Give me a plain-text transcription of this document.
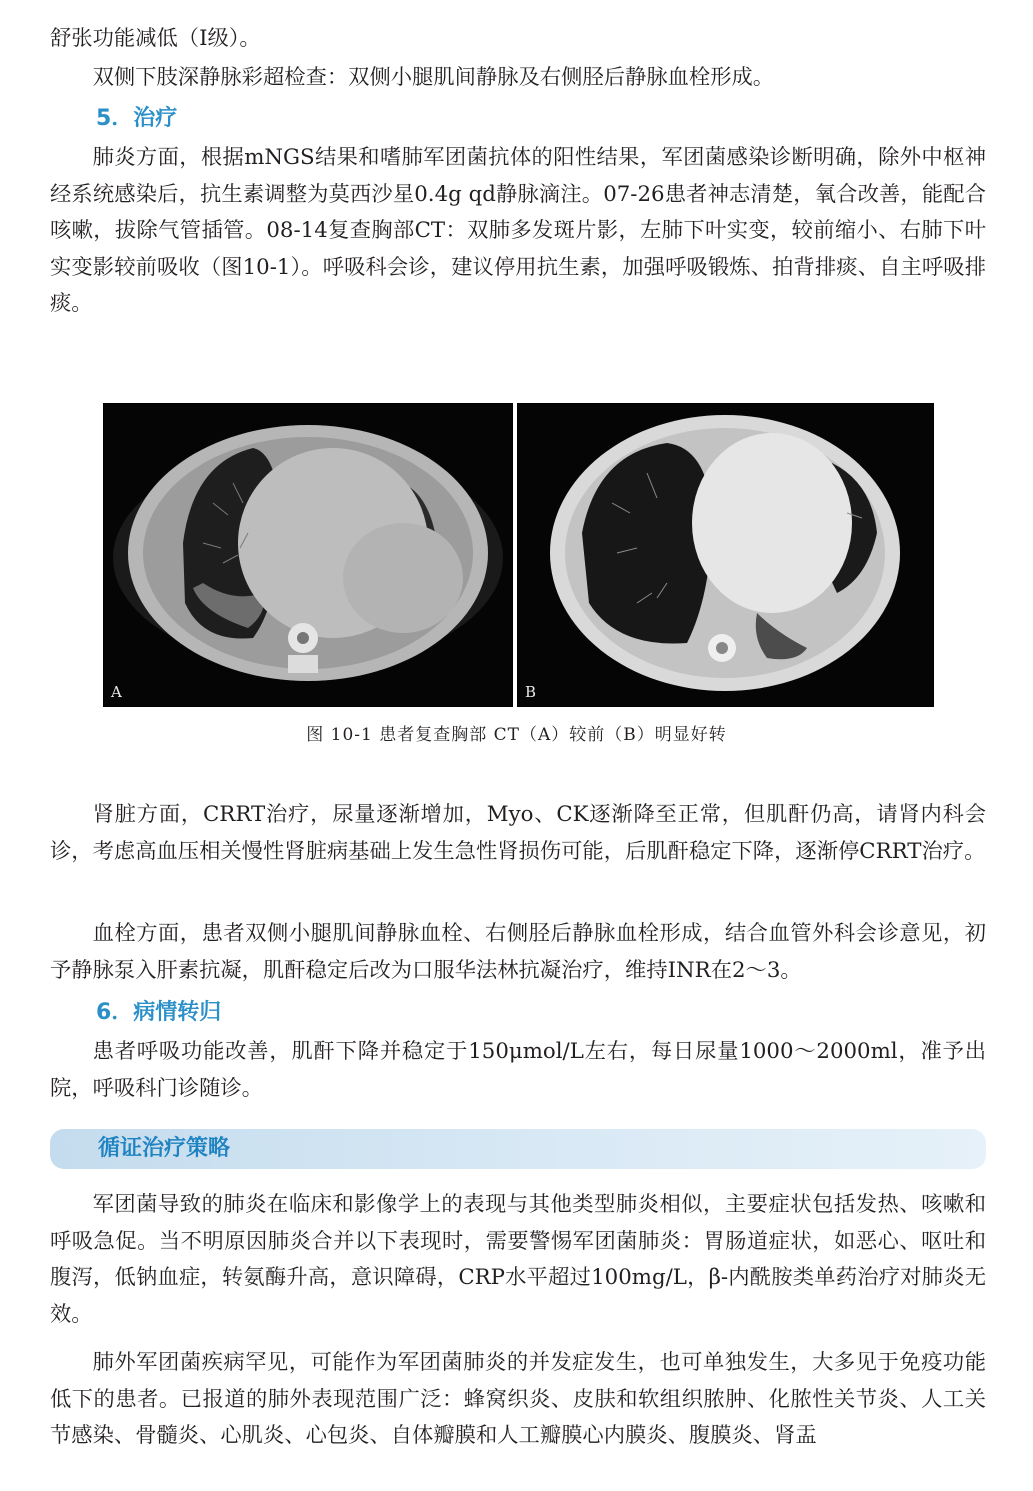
舒张功能减低（Ⅰ级）。

双侧下肢深静脉彩超检查：双侧小腿肌间静脉及右侧胫后静脉血栓形成。

5．治疗

肺炎方面，根据mNGS结果和嗜肺军团菌抗体的阳性结果，军团菌感染诊断明确，除外中枢神经系统感染后，抗生素调整为莫西沙星0.4g qd静脉滴注。07-26患者神志清楚，氧合改善，能配合咳嗽，拔除气管插管。08-14复查胸部CT：双肺多发斑片影，左肺下叶实变，较前缩小、右肺下叶实变影较前吸收（图10-1）。呼吸科会诊，建议停用抗生素，加强呼吸锻炼、拍背排痰、自主呼吸排痰。

A	B
图 10-1 患者复查胸部 CT（A）较前（B）明显好转

肾脏方面，CRRT治疗，尿量逐渐增加，Myo、CK逐渐降至正常，但肌酐仍高，请肾内科会诊，考虑高血压相关慢性肾脏病基础上发生急性肾损伤可能，后肌酐稳定下降，逐渐停CRRT治疗。

血栓方面，患者双侧小腿肌间静脉血栓、右侧胫后静脉血栓形成，结合血管外科会诊意见，初予静脉泵入肝素抗凝，肌酐稳定后改为口服华法林抗凝治疗，维持INR在2～3。

6．病情转归

患者呼吸功能改善，肌酐下降并稳定于150μmol/L左右，每日尿量1000～2000ml，准予出院，呼吸科门诊随诊。

循证治疗策略

军团菌导致的肺炎在临床和影像学上的表现与其他类型肺炎相似，主要症状包括发热、咳嗽和呼吸急促。当不明原因肺炎合并以下表现时，需要警惕军团菌肺炎：胃肠道症状，如恶心、呕吐和腹泻，低钠血症，转氨酶升高，意识障碍，CRP水平超过100mg/L，β-内酰胺类单药治疗对肺炎无效。

肺外军团菌疾病罕见，可能作为军团菌肺炎的并发症发生，也可单独发生，大多见于免疫功能低下的患者。已报道的肺外表现范围广泛：蜂窝织炎、皮肤和软组织脓肿、化脓性关节炎、人工关节感染、骨髓炎、心肌炎、心包炎、自体瓣膜和人工瓣膜心内膜炎、腹膜炎、肾盂
